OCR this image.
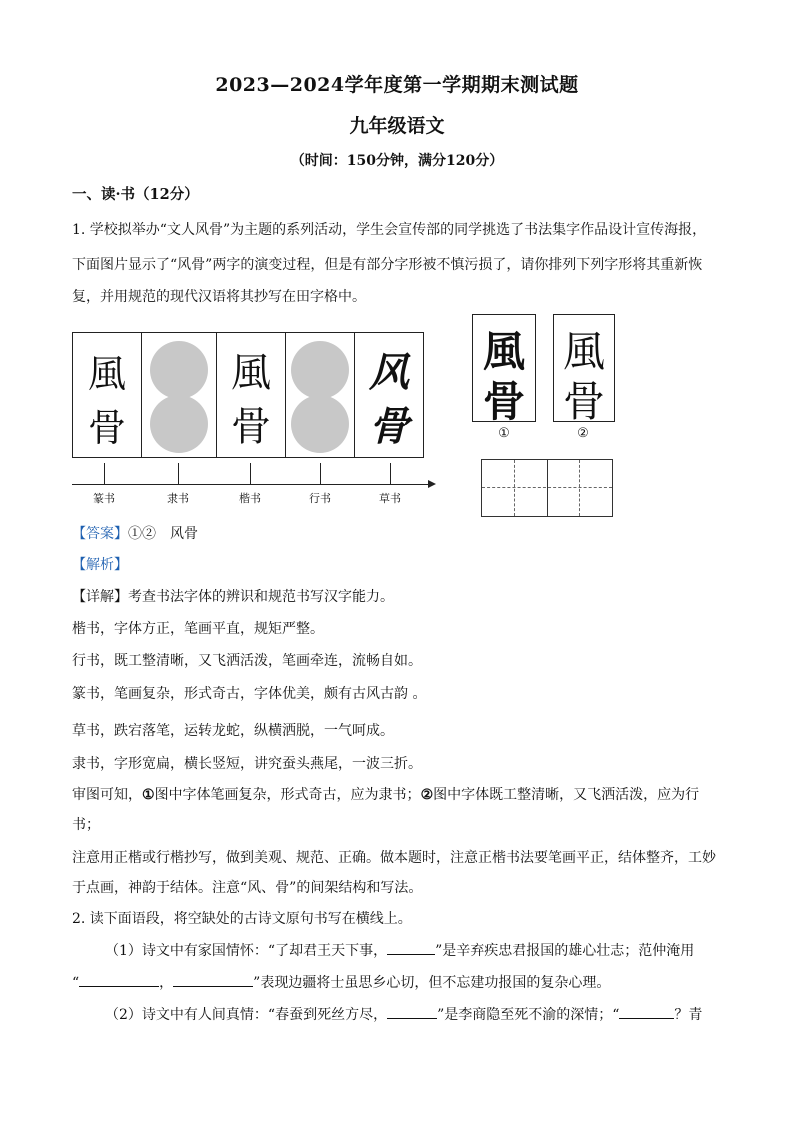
2023—2024学年度第一学期期末测试题
九年级语文
（时间：150分钟，满分120分）
一、读·书（12分）
1. 学校拟举办“文人风骨”为主题的系列活动，学生会宣传部的同学挑选了书法集字作品设计宣传海报，
下面图片显示了“风骨”两字的演变过程，但是有部分字形被不慎污损了，请你排列下列字形将其重新恢
复，并用规范的现代汉语将其抄写在田字格中。
風
骨
風
骨
风
骨
篆书	隶书	楷书	行书	草书
風
骨
①
風
骨
②
【答案】①②　风骨
【解析】
【详解】考查书法字体的辨识和规范书写汉字能力。
楷书，字体方正，笔画平直，规矩严整。
行书，既工整清晰，又飞洒活泼，笔画牵连，流畅自如。
篆书，笔画复杂，形式奇古，字体优美，颇有古风古韵 。
草书，跌宕落笔，运转龙蛇，纵横洒脱，一气呵成。
隶书，字形宽扁，横长竖短，讲究蚕头燕尾，一波三折。
审图可知，①图中字体笔画复杂，形式奇古，应为隶书；②图中字体既工整清晰，又飞洒活泼，应为行
书；
注意用正楷或行楷抄写，做到美观、规范、正确。做本题时，注意正楷书法要笔画平正，结体整齐，工妙
于点画，神韵于结体。注意“风、骨”的间架结构和写法。
2. 读下面语段，将空缺处的古诗文原句书写在横线上。
（1）诗文中有家国情怀：“了却君王天下事，	”是辛弃疾忠君报国的雄心壮志；范仲淹用
“	，	”表现边疆将士虽思乡心切，但不忘建功报国的复杂心理。
（2）诗文中有人间真情：“春蚕到死丝方尽，	”是李商隐至死不渝的深情；“	？青
